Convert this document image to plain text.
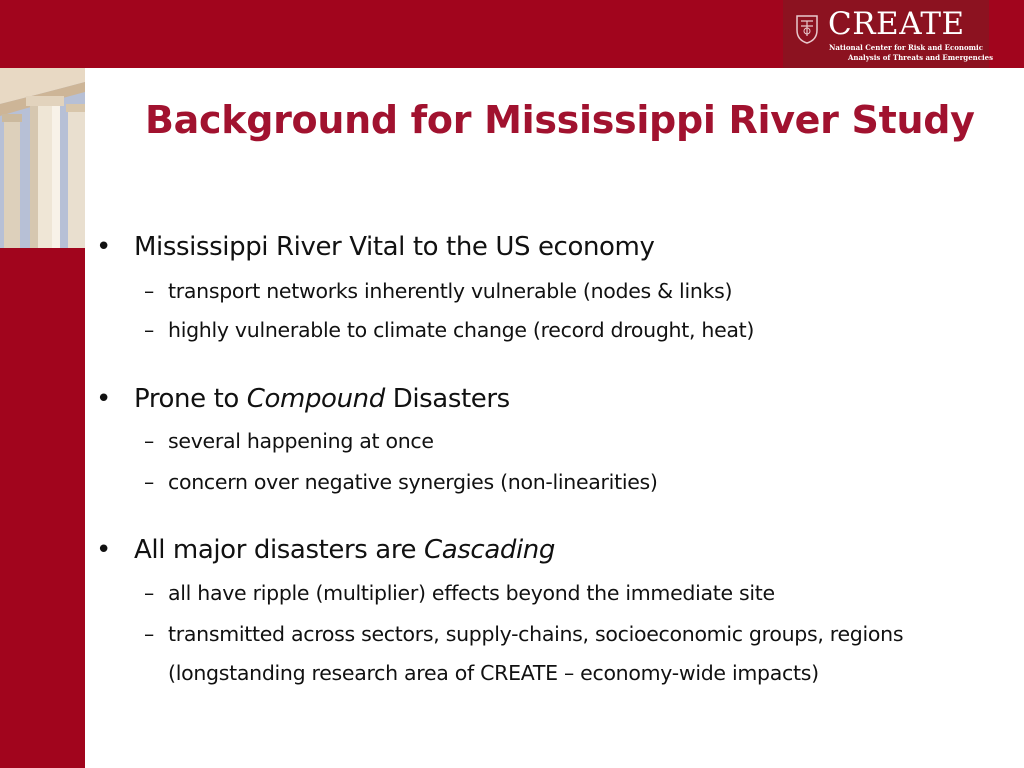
CREATE
National Center for Risk and Economic
Analysis of Threats and Emergencies
Background for Mississippi River Study
• Mississippi River Vital to the US economy
– transport networks inherently vulnerable (nodes & links)
– highly vulnerable to climate change (record drought, heat)
• Prone to Compound Disasters
– several happening at once
– concern over negative synergies (non-linearities)
• All major disasters are Cascading
– all have ripple (multiplier) effects beyond the immediate site
– transmitted across sectors, supply-chains, socioeconomic groups, regions
(longstanding research area of CREATE – economy-wide impacts)
